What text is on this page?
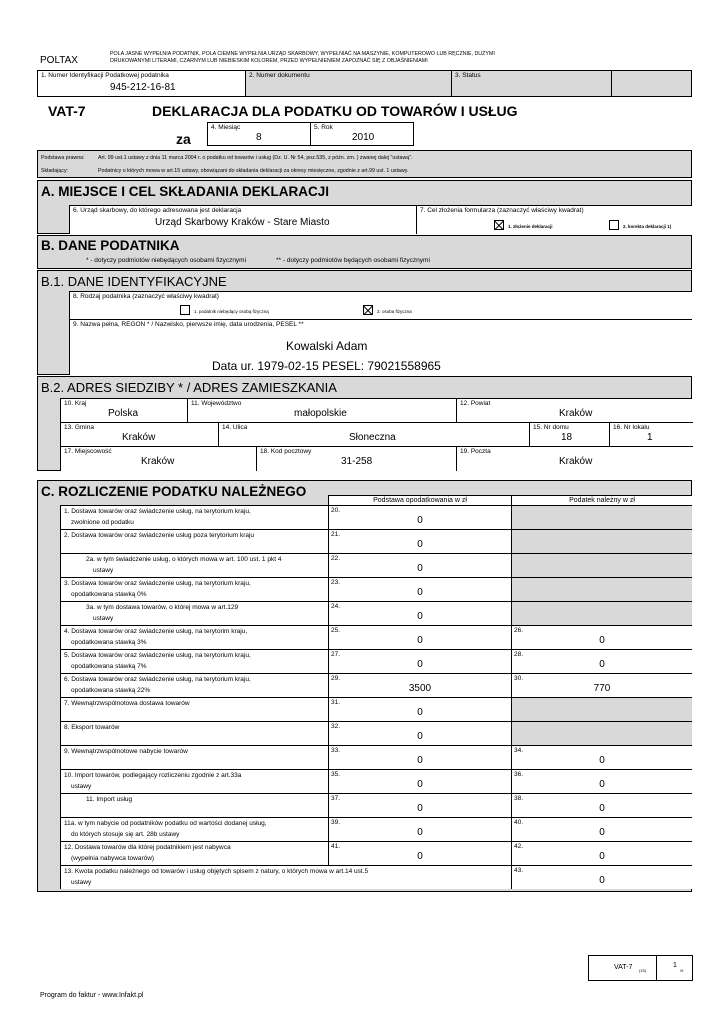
POLTAX
POLA JASNE WYPEŁNIA PODATNIK, POLA CIEMNE WYPEŁNIA URZĄD SKARBOWY, WYPEŁNIAĆ NA MASZYNIE, KOMPUTEROWO LUB RĘCZNIE, DUŻYMI
DRUKOWANYMI LITERAMI, CZARNYM LUB NIEBIESKIM KOLOREM, PRZED WYPEŁNIENIEM ZAPOZNAĆ SIĘ Z OBJAŚNIENIAMI
1. Numer Identyfikacji Podatkowej podatnika
945-212-16-81
2. Numer dokumentu	3. Status
VAT-7	DEKLARACJA DLA PODATKU OD TOWARÓW I USŁUG
za
4. Miesiąc
8
5. Rok
2010
Podstawa prawna:	Art. 99 ust.1 ustawy z dnia 11 marca 2004 r. o podatku od towarów i usług (Dz. U. Nr 54, poz.535, z późn. zm. ) zwanej dalej "ustawą".
Składający:	Podatnicy o których mowa w art.15 ustawy, obowiązani do składania deklaracji za okresy miesięczne, zgodnie z art.99 ust. 1 ustawy.
A. MIEJSCE I CEL SKŁADANIA DEKLARACJI
6. Urząd skarbowy, do którego adresowana jest deklaracja
Urząd Skarbowy Kraków - Stare Miasto
7. Cel złożenia formularza (zaznaczyć właściwy kwadrat)
1. złożenie deklaracji	2. korekta deklaracji 1)
B. DANE PODATNIKA
* - dotyczy podmiotów niebędących osobami fizycznymi	** - dotyczy podmiotów będących osobami fizycznymi
B.1. DANE IDENTYFIKACYJNE
8. Rodzaj podatnika (zaznaczyć właściwy kwadrat)
1. podatnik niebędący osobą fizyczną	2. osoba fizyczna
9. Nazwa pełna, REGON * / Nazwisko, pierwsze imię, data urodzenia, PESEL **
Kowalski Adam
Data ur. 1979-02-15 PESEL: 79021558965
B.2. ADRES SIEDZIBY * / ADRES ZAMIESZKANIA
10. Kraj
Polska
11. Województwo
małopolskie
12. Powiat
Kraków
13. Gmina
Kraków
14. Ulica
Słoneczna
15. Nr domu
18
16. Nr lokalu
1
17. Miejscowość
Kraków
18. Kod pocztowy
31-258
19. Poczta
Kraków
C. ROZLICZENIE PODATKU NALEŻNEGO
Podstawa opodatkowania w zł	Podatek należny w zł
1. Dostawa towarów oraz świadczenie usług, na terytorium kraju,
zwolnione od podatku
20.
0
2. Dostawa towarów oraz świadczenie usług poza terytorium kraju	21.
0
2a. w tym świadczenie usług, o których mowa w art. 100 ust. 1 pkt 4
ustawy
22.
0
3. Dostawa towarów oraz świadczenie usług, na terytorium kraju,
opodatkowana stawką 0%
23.
0
3a. w tym dostawa towarów, o której mowa w art.129
ustawy
24.
0
4. Dostawa towarów oraz świadczenie usług, na terytorim kraju,
opodatkowana stawką 3%
25.
0
26.
0
5. Dostawa towarów oraz świadczenie usług, na terytorium kraju,
opodatkowana stawką 7%
27.
0
28.
0
6. Dostawa towarów oraz świadczenie usług, na terytorium kraju,
opodatkowana stawką 22%
29.
3500
30.
770
7. Wewnątrzwspólnotowa dostawa towarów	31.
0
8. Eksport towarów	32.
0
9. Wewnątrzwspólnotowe nabycie towarów	33.
0
34.
0
10. Import towarów, podlegający rozliczeniu zgodnie z art.33a
ustawy
35.
0
36.
0
11. Import usług	37.
0
38.
0
11a. w tym nabycie od podatników podatku od wartości dodanej usług,
do których stosuje się art. 28b ustawy
39.
0
40.
0
12. Dostawa towarów dla której podatnikiem jest nabywca
(wypełnia nabywca towarów)
41.
0
42.
0
13. Kwota podatku należnego od towarów i usług objętych spisem z natury, o których mowa w art.14 ust.5
ustawy
43.
0
VAT-7 (15)
1
/9
Program do faktur - www.Infakt.pl
